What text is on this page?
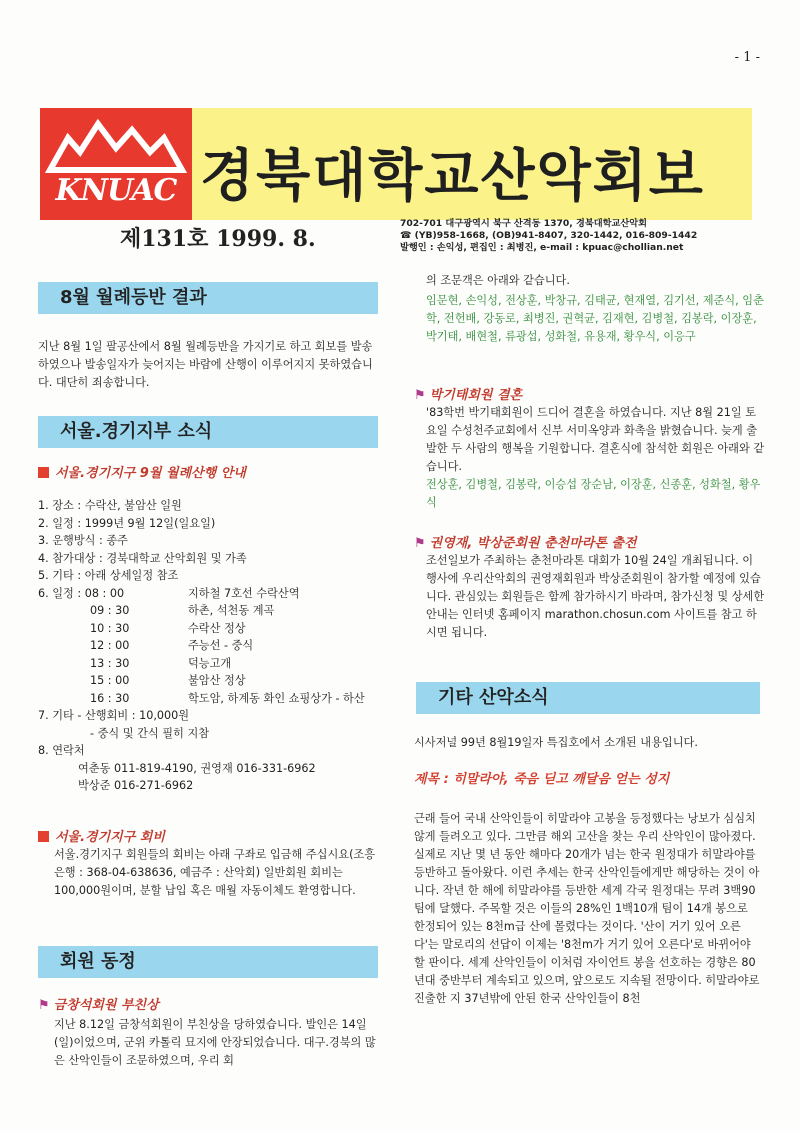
- 1 -
KNUAC 경북대학교산악회보
제131호 1999. 8.
702-701 대구광역시 북구 산격동 1370, 경북대학교산악회
☎ (YB)958-1668, (OB)941-8407, 320-1442, 016-809-1442
발행인 : 손익성, 편집인 : 최병진, e-mail : kpuac@chollian.net
8월 월례등반 결과
지난 8월 1일 팔공산에서 8월 월례등반을 가지기로 하고 회보를 발송하였으나 발송일자가 늦어지는 바람에 산행이 이루어지지 못하였습니다. 대단히 죄송합니다.
서울.경기지부 소식
서울.경기지구 9월 월례산행 안내
1. 장소 : 수락산, 불암산 일원
2. 일정 : 1999년 9월 12일(일요일)
3. 운행방식 : 종주
4. 참가대상 : 경북대학교 산악회원 및 가족
5. 기타 : 아래 상세일정 참조
6. 일정 : 08 : 00	지하철 7호선 수락산역
09 : 30	하촌, 석천동 계곡
10 : 30	수락산 정상
12 : 00	주능선 - 중식
13 : 30	덕능고개
15 : 00	불암산 정상
16 : 30	학도암, 하계동 화인 쇼핑상가 - 하산
7. 기타 - 산행회비 : 10,000원
- 중식 및 간식 필히 지참
8. 연락처
여춘동 011-819-4190, 권영재 016-331-6962
박상준 016-271-6962
서울.경기지구 회비
서울.경기지구 회원들의 회비는 아래 구좌로 입금해 주십시요(조흥은행 : 368-04-638636, 예금주 : 산악회) 일반회원 회비는 100,000원이며, 분할 납입 혹은 매월 자동이체도 환영합니다.
회원 동정
⚑ 금창석회원 부친상
지난 8.12일 금창석회원이 부친상을 당하였습니다. 발인은 14일(일)이었으며, 군위 카톨릭 묘지에 안장되었습니다. 대구.경북의 많은 산악인들이 조문하였으며, 우리 회
의 조문객은 아래와 같습니다.
임문현, 손익성, 전상훈, 박창규, 김태균, 현재열, 김기선, 제준식, 임춘학, 전헌배, 강동로, 최병진, 권혁균, 김재현, 김병철, 김봉락, 이장훈, 박기태, 배현철, 류광섭, 성화철, 유용재, 황우식, 이응구
⚑ 박기태회원 결혼
'83학번 박기태회원이 드디어 결혼을 하였습니다. 지난 8월 21일 토요일 수성천주교회에서 신부 서미옥양과 화촉을 밝혔습니다. 늦게 출발한 두 사람의 행복을 기원합니다. 결혼식에 참석한 회원은 아래와 같습니다.
전상훈, 김병철, 김봉락, 이승섭 장순남, 이장훈, 신종훈, 성화철, 황우식
⚑ 권영재, 박상준회원 춘천마라톤 출전
조선일보가 주최하는 춘천마라톤 대회가 10월 24일 개최됩니다. 이 행사에 우리산악회의 권영재회원과 박상준회원이 참가할 예정에 있습니다. 관심있는 회원들은 함께 참가하시기 바라며, 참가신청 및 상세한 안내는 인터넷 홈페이지 marathon.chosun.com 사이트를 참고 하시면 됩니다.
기타 산악소식
시사저널 99년 8월19일자 특집호에서 소개된 내용입니다.
제목 : 히말라야, 죽음 딛고 깨달음 얻는 성지
근래 들어 국내 산악인들이 히말라야 고봉을 등정했다는 낭보가 심심치 않게 들려오고 있다. 그만큼 해외 고산을 찾는 우리 산악인이 많아졌다. 실제로 지난 몇 년 동안 해마다 20개가 넘는 한국 원정대가 히말라야를 등반하고 돌아왔다. 이런 추세는 한국 산악인들에게만 해당하는 것이 아니다. 작년 한 해에 히말라야를 등반한 세계 각국 원정대는 무려 3백90팀에 달했다. 주목할 것은 이들의 28%인 1백10개 팀이 14개 봉으로 한정되어 있는 8천m급 산에 몰렸다는 것이다. '산이 거기 있어 오른다'는 말로리의 선답이 이제는 '8천m가 거기 있어 오른다'로 바뀌어야 할 판이다. 세계 산악인들이 이처럼 자이언트 봉을 선호하는 경향은 80년대 중반부터 계속되고 있으며, 앞으로도 지속될 전망이다. 히말라야로 진출한 지 37년밖에 안된 한국 산악인들이 8천
